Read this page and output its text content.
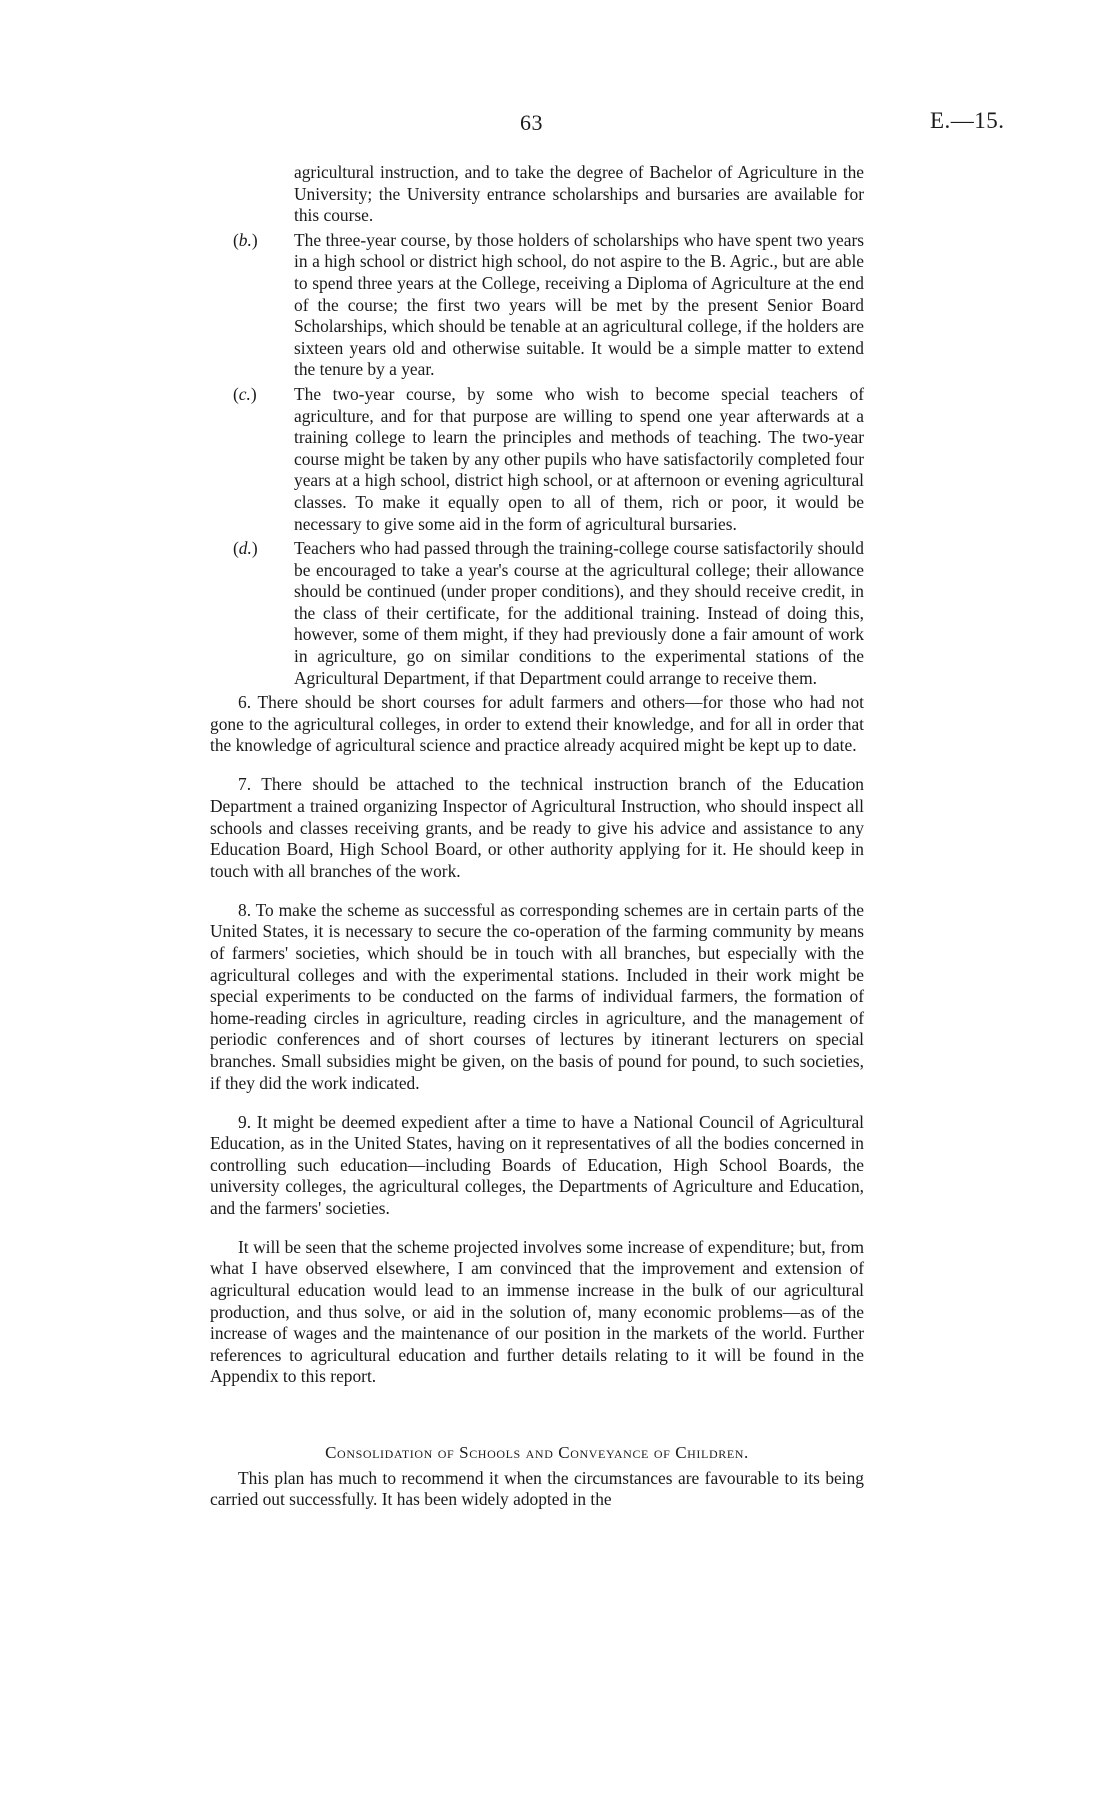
63	E.—15.

agricultural instruction, and to take the degree of Bachelor of Agriculture in the University; the University entrance scholarships and bursaries are available for this course.

(b.) The three-year course, by those holders of scholarships who have spent two years in a high school or district high school, do not aspire to the B. Agric., but are able to spend three years at the College, receiving a Diploma of Agriculture at the end of the course; the first two years will be met by the present Senior Board Scholarships, which should be tenable at an agricultural college, if the holders are sixteen years old and otherwise suitable. It would be a simple matter to extend the tenure by a year.
(c.) The two-year course, by some who wish to become special teachers of agriculture, and for that purpose are willing to spend one year afterwards at a training college to learn the principles and methods of teaching. The two-year course might be taken by any other pupils who have satisfactorily completed four years at a high school, district high school, or at afternoon or evening agricultural classes. To make it equally open to all of them, rich or poor, it would be necessary to give some aid in the form of agricultural bursaries.
(d.) Teachers who had passed through the training-college course satisfactorily should be encouraged to take a year's course at the agricultural college; their allowance should be continued (under proper conditions), and they should receive credit, in the class of their certificate, for the additional training. Instead of doing this, however, some of them might, if they had previously done a fair amount of work in agriculture, go on similar conditions to the experimental stations of the Agricultural Department, if that Department could arrange to receive them.

6. There should be short courses for adult farmers and others—for those who had not gone to the agricultural colleges, in order to extend their knowledge, and for all in order that the knowledge of agricultural science and practice already acquired might be kept up to date.

7. There should be attached to the technical instruction branch of the Education Department a trained organizing Inspector of Agricultural Instruction, who should inspect all schools and classes receiving grants, and be ready to give his advice and assistance to any Education Board, High School Board, or other authority applying for it. He should keep in touch with all branches of the work.

8. To make the scheme as successful as corresponding schemes are in certain parts of the United States, it is necessary to secure the co-operation of the farming community by means of farmers' societies, which should be in touch with all branches, but especially with the agricultural colleges and with the experimental stations. Included in their work might be special experiments to be conducted on the farms of individual farmers, the formation of home-reading circles in agriculture, reading circles in agriculture, and the management of periodic conferences and of short courses of lectures by itinerant lecturers on special branches. Small subsidies might be given, on the basis of pound for pound, to such societies, if they did the work indicated.

9. It might be deemed expedient after a time to have a National Council of Agricultural Education, as in the United States, having on it representatives of all the bodies concerned in controlling such education—including Boards of Education, High School Boards, the university colleges, the agricultural colleges, the Departments of Agriculture and Education, and the farmers' societies.

It will be seen that the scheme projected involves some increase of expenditure; but, from what I have observed elsewhere, I am convinced that the improvement and extension of agricultural education would lead to an immense increase in the bulk of our agricultural production, and thus solve, or aid in the solution of, many economic problems—as of the increase of wages and the maintenance of our position in the markets of the world. Further references to agricultural education and further details relating to it will be found in the Appendix to this report.

Consolidation of Schools and Conveyance of Children.

This plan has much to recommend it when the circumstances are favourable to its being carried out successfully. It has been widely adopted in the
